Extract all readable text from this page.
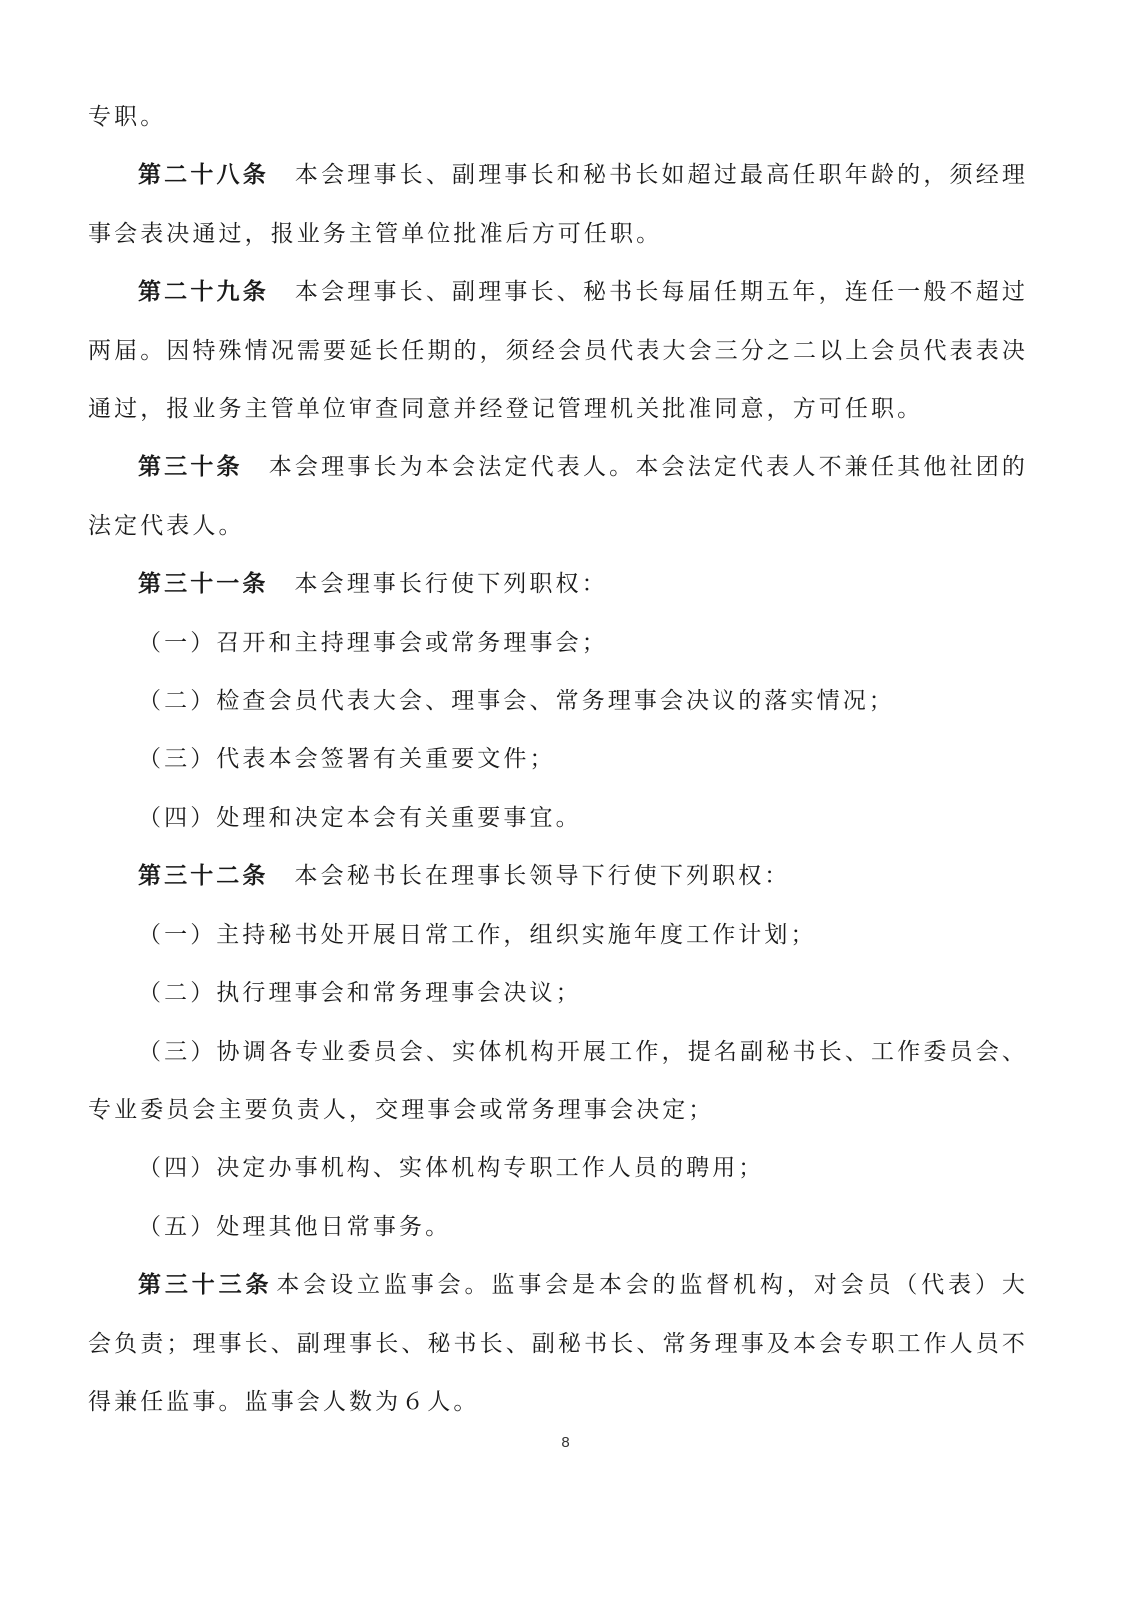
专职。

第二十八条 本会理事长、副理事长和秘书长如超过最高任职年龄的，须经理事会表决通过，报业务主管单位批准后方可任职。

第二十九条 本会理事长、副理事长、秘书长每届任期五年，连任一般不超过两届。因特殊情况需要延长任期的，须经会员代表大会三分之二以上会员代表表决通过，报业务主管单位审查同意并经登记管理机关批准同意，方可任职。

第三十条 本会理事长为本会法定代表人。本会法定代表人不兼任其他社团的法定代表人。

第三十一条 本会理事长行使下列职权：

（一）召开和主持理事会或常务理事会；

（二）检查会员代表大会、理事会、常务理事会决议的落实情况；

（三）代表本会签署有关重要文件；

（四）处理和决定本会有关重要事宜。

第三十二条 本会秘书长在理事长领导下行使下列职权：

（一）主持秘书处开展日常工作，组织实施年度工作计划；

（二）执行理事会和常务理事会决议；

（三）协调各专业委员会、实体机构开展工作，提名副秘书长、工作委员会、专业委员会主要负责人，交理事会或常务理事会决定；

（四）决定办事机构、实体机构专职工作人员的聘用；

（五）处理其他日常事务。

第三十三条 本会设立监事会。监事会是本会的监督机构，对会员（代表）大会负责；理事长、副理事长、秘书长、副秘书长、常务理事及本会专职工作人员不得兼任监事。监事会人数为６人。

8
